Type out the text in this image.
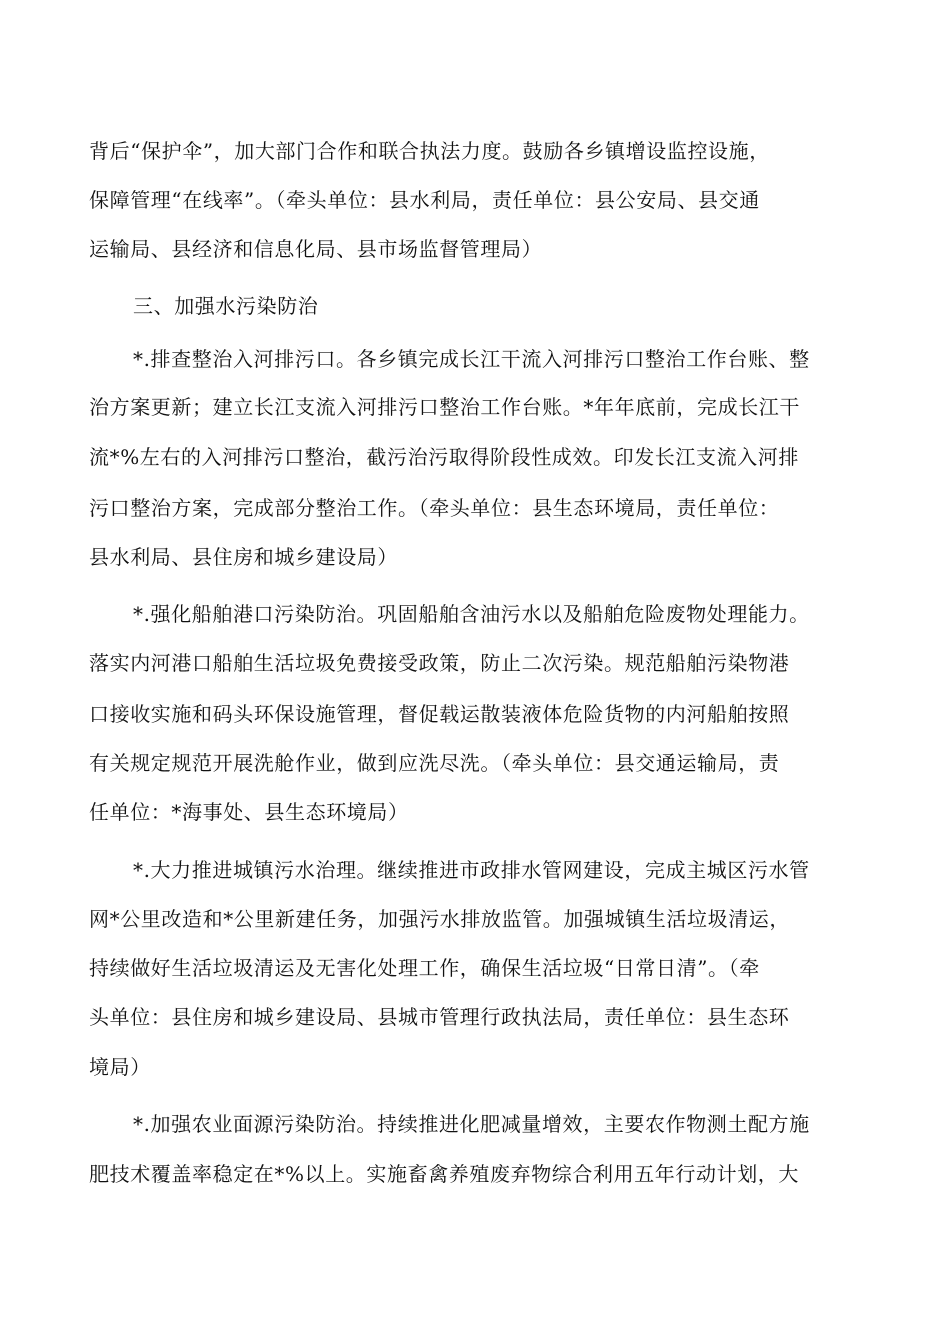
背后“保护伞”，加大部门合作和联合执法力度。鼓励各乡镇增设监控设施，
保障管理“在线率”。（牵头单位：县水利局，责任单位：县公安局、县交通
运输局、县经济和信息化局、县市场监督管理局）
三、加强水污染防治
*.排查整治入河排污口。各乡镇完成长江干流入河排污口整治工作台账、整
治方案更新；建立长江支流入河排污口整治工作台账。*年年底前，完成长江干
流*%左右的入河排污口整治，截污治污取得阶段性成效。印发长江支流入河排
污口整治方案，完成部分整治工作。（牵头单位：县生态环境局，责任单位：
县水利局、县住房和城乡建设局）
*.强化船舶港口污染防治。巩固船舶含油污水以及船舶危险废物处理能力。
落实内河港口船舶生活垃圾免费接受政策，防止二次污染。规范船舶污染物港
口接收实施和码头环保设施管理，督促载运散装液体危险货物的内河船舶按照
有关规定规范开展洗舱作业，做到应洗尽洗。（牵头单位：县交通运输局，责
任单位：*海事处、县生态环境局）
*.大力推进城镇污水治理。继续推进市政排水管网建设，完成主城区污水管
网*公里改造和*公里新建任务，加强污水排放监管。加强城镇生活垃圾清运，
持续做好生活垃圾清运及无害化处理工作，确保生活垃圾“日常日清”。（牵
头单位：县住房和城乡建设局、县城市管理行政执法局，责任单位：县生态环
境局）
*.加强农业面源污染防治。持续推进化肥减量增效，主要农作物测土配方施
肥技术覆盖率稳定在*%以上。实施畜禽养殖废弃物综合利用五年行动计划，大
